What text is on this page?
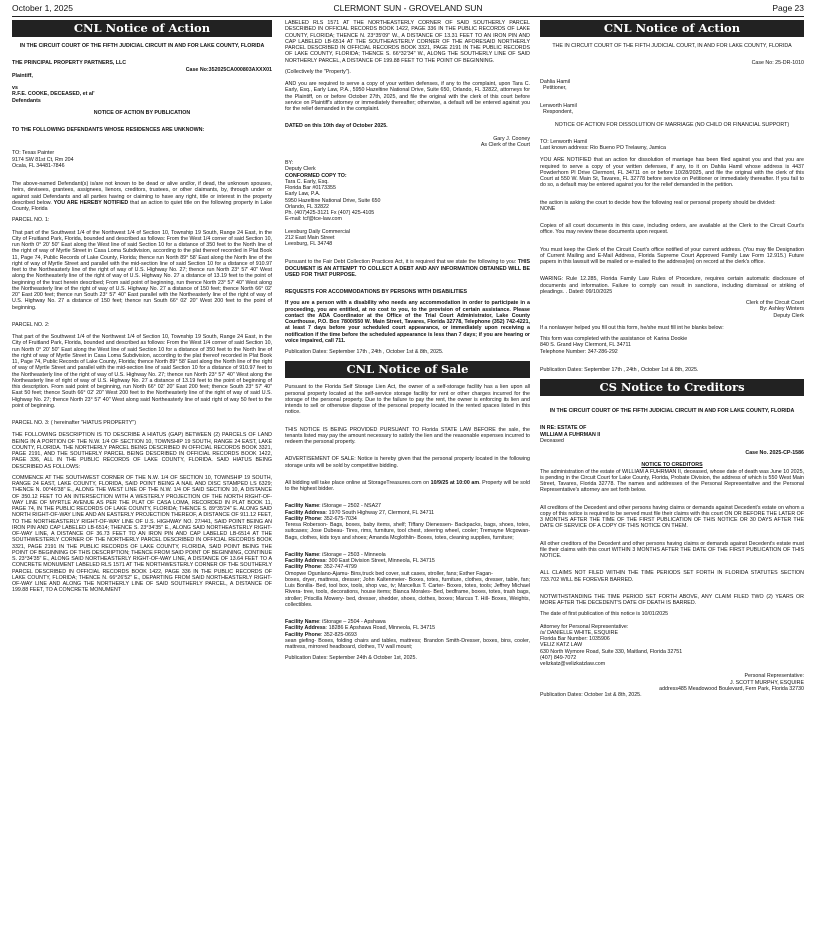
October 1, 2025	CLERMONT SUN - GROVELAND SUN	Page 23
CNL Notice of Action

IN THE CIRCUIT COURT OF THE FIFTH JUDICIAL CIRCUIT IN AND FOR LAKE COUNTY, FLORIDA

THE PRINCIPAL PROPERTY PARTNERS, LLC
Case No:352025CA000803AXXX01
Plaintiff,
vs
R.F.E. COOKE, DECEASED, et al'
Defendants

NOTICE OF ACTION BY PUBLICATION

TO THE FOLLOWING DEFENDANTS WHOSE RESIDENCES ARE UNKNOWN:

TO: Texas Painter
9174 SW 81st Ct, Rm 204
Ocala, FL 34481-7846

The above-named Defendant(s) is/are not known to be dead or alive and/or, if dead, the unknown spouses, heirs, devisees, grantees, assignees, lienors, creditors, trustees, or other claimants, by, through under or against said Defendants and all parties having or claiming to have any right, title or interest in the property described below. YOU ARE HEREBY NOTIFIED that an action to quiet title on the following property in Lake County, Florida

PARCEL NO. 1:

That part of the Southwest 1/4 of the Northwest 1/4 of Section 10, Township 19 South, Range 24 East, in the City of Fruitland Park, Florida, bounded and described as follows: From the West 1/4 corner of said Section 10, run North 0° 20' 50" East along the West line of said Section 10 for a distance of 350 feet to the North line of the right of way of Myrtle Street in Casa Loma Subdivision, according to the plat thereof recorded in Plat Book 11, Page 74, Public Records of Lake County, Florida; thence run North 89° 58' East along the North line of the right of way of Myrtle Street and parallel with the mid-section line of said Section 10 for a distance of 910.97 feet to the Northeasterly line of the right of way of U.S. Highway No. 27; thence run North 23° 57' 40" West along the Northeasterly line of the right of way of U.S. Highway No. 27 a distance of 13.19 feet to the point of beginning of the tract herein described; From said point of beginning, run thence North 23° 57' 40" West along the Northeasterly line of the right of way of U.S. Highway No. 27 a distance of 150 feet; thence North 66° 02' 20" East 200 feet; thence run South 23° 57' 40" East parallel with the Northeasterly line of the right of way of U.S. Highway No. 27 a distance of 150 feet; thence run South 66° 02' 20" West 200 feet to the point of beginning.

PARCEL NO. 2:

That part of the Southwest 1/4 of the Northwest 1/4 of Section 10, Township 19 South, Range 24 East, in the City of Fruitland Park, Florida, bounded and described as follows: From the West 1/4 corner of said Section 10, run North 0° 20' 50" East along the West line of said Section 10 for a distance of 350 feet to the North line of the right of way of Myrtle Street in Casa Loma Subdivision, according to the plat thereof recorded in Plat Book 11, Page 74, Public Records of Lake County, Florida; thence North 89° 58' East along the North line of the right of way of Myrtle Street and parallel with the mid-section line of said Section 10 for a distance of 910.97 feet to the Northeasterly line of the right of way of U.S. Highway No. 27; thence run North 23° 57' 40" West along the Northeasterly line of right of way of U.S. Highway No. 27 a distance of 13.19 feet to the point of beginning of this description. From said point of beginning, run North 66° 02' 20" East 200 feet; thence South 23° 57' 40" East 50 feet; thence South 66° 02' 20" West 200 feet to the Northeasterly line of the right of way of said U.S. Highway No. 27; thence North 23° 57' 40" West along said Northeasterly line of said right of way 50 feet to the point of beginning.

PARCEL NO. 3: ( hereinafter "HIATUS PROPERTY")

THE FOLLOWING DESCRIPTION IS TO DESCRIBE A HIATUS (GAP) BETWEEN (2) PARCELS OF LAND BEING IN A PORTION OF THE N.W. 1/4 OF SECTION 10, TOWNSHIP 19 SOUTH, RANGE 24 EAST, LAKE COUNTY, FLORIDA. THE NORTHERLY PARCEL BEING DESCRIBED IN OFFICIAL RECORDS BOOK 3321, PAGE 2191, AND THE SOUTHERLY PARCEL BEING DESCRIBED IN OFFICIAL RECORDS BOOK 1422, PAGE 336, ALL IN THE PUBLIC RECORDS OF LAKE COUNTY, FLORIDA. SAID HIATUS BEING DESCRIBED AS FOLLOWS:

COMMENCE AT THE SOUTHWEST CORNER OF THE N.W. 1/4 OF SECTION 10, TOWNSHIP 19 SOUTH, RANGE 24 EAST, LAKE COUNTY, FLORIDA, SAID POINT BEING A NAIL AND DISC STAMPED LS 6329; THENCE N. 00°46'38" E., ALONG THE WEST LINE OF THE N.W. 1/4 OF SAID SECTION 10, A DISTANCE OF 350.12 FEET TO AN INTERSECTION WITH A WESTERLY PROJECTION OF THE NORTH RIGHT-OF-WAY LINE OF MYRTLE AVENUE AS PER THE PLAT OF CASA LOMA, RECORDED IN PLAT BOOK 11, PAGE 74, IN THE PUBLIC RECORDS OF LAKE COUNTY, FLORIDA; THENCE S. 89°35'24" E. ALONG SAID NORTH RIGHT-OF-WAY LINE AND AN EASTERLY PROJECTION THEREOF, A DISTANCE OF 911.12 FEET, TO THE NORTHEASTERLY RIGHT-OF-WAY LINE OF U.S. HIGHWAY NO. 27/441, SAID POINT BEING AN IRON PIN AND CAP LABELED LB-6514; THENCE S. 23°34'35" E., ALONG SAID NORTHEASTERLY RIGHT-OF-WAY LINE, A DISTANCE OF 36.73 FEET TO AN IRON PIN AND CAP LABELED LB-6514 AT THE SOUTHWESTERLY CORNER OF THE NORTHERLY PARCEL DESCRIBED IN OFFICIAL RECORDS BOOK 3321, PAGE 2191 IN THE PUBLIC RECORDS OF LAKE COUNTY, FLORIDA, SAID POINT BEING THE POINT OF BEGINNING OF THIS DESCRIPTION; THENCE FROM SAID POINT OF BEGINNING, CONTINUE S. 23°34'35" E., ALONG SAID NORTHEASTERLY RIGHT-OF-WAY LINE, A DISTANCE OF 13.64 FEET TO A CONCRETE MONUMENT LABELED RLS 1571 AT THE NORTHWESTERLY CORNER OF THE SOUTHERLY PARCEL DESCRIBED IN OFFICIAL RECORDS BOOK 1422, PAGE 336 IN THE PUBLIC RECORDS OF LAKE COUNTY, FLORIDA; THENCE N. 66°26'52" E., DEPARTING FROM SAID NORTHEASTERLY RIGHT-OF-WAY LINE AND ALONG THE NORTHERLY LINE OF SAID SOUTHERLY PARCEL, A DISTANCE OF 199.88 FEET, TO A CONCRETE MONUMENT

LABELED RLS 1571 AT THE NORTHEASTERLY CORNER OF SAID SOUTHERLY PARCEL DESCRIBED IN OFFICIAL RECORDS BOOK 1422, PAGE 336 IN THE PUBLIC RECORDS OF LAKE COUNTY, FLORIDA; THENCE N. 23°35'09" W., A DISTANCE OF 13.31 FEET TO AN IRON PIN AND CAP LABELED LB-6514 AT THE SOUTHEASTERLY CORNER OF THE AFORESAID NORTHERLY PARCEL DESCRIBED IN OFFICIAL RECORDS BOOK 3321, PAGE 2191 IN THE PUBLIC RECORDS OF LAKE COUNTY, FLORIDA; THENCE S. 66°32'34" W., ALONG THE SOUTHERLY LINE OF SAID NORTHERLY PARCEL, A DISTANCE OF 199.88 FEET TO THE POINT OF BEGINNING.

(Collectively the "Property").

AND you are required to serve a copy of your written defenses, if any to the complaint, upon Tara C. Early, Esq., Early Law, P.A., 5950 Hazeltine National Drive, Suite 650, Orlando, FL 32822, attorneys for the Plaintiff, on or before October 27th, 2025, and file the original with the clerk of this court before service on Plaintiff's attorney or immediately thereafter; otherwise, a default will be entered against you for the relief demanded in the complaint.

DATED on this 10th day of October 2025.
Gary J. Cooney
As Clerk of the Court
BY:
Deputy Clerk
CONFORMED COPY TO:
Tara C. Early, Esq.
Florida Bar #0173355
Early Law, P.A.
5950 Hazeltine National Drive, Suite 650
Orlando, FL 32822
Ph. (407)425-3121 Fx (407) 425-4105
E-mail: tcf@tce-law.com
Leesburg Daily Commercial
212 East Main Street
Leesburg, FL 34748

Pursuant to the Fair Debt Collection Practices Act, it is required that we state the following to you: THIS DOCUMENT IS AN ATTEMPT TO COLLECT A DEBT AND ANY INFORMATION OBTAINED WILL BE USED FOR THAT PURPOSE.

REQUESTS FOR ACCOMMODATIONS BY PERSONS WITH DISABILITIES

If you are a person with a disability who needs any accommodation in order to participate in a proceeding, you are entitled, at no cost to you, to the provision of certain assistance. Please contact the ADA Coordinator at the Office of the Trial Court Administrator, Lake County Courthouse, P.O. Box 7800/550 W. Main Street, Tavares, Florida 32778, Telephone (352) 742-4221, at least 7 days before your scheduled court appearance, or immediately upon receiving a notification if the time before the scheduled appearance is less than 7 days; if you are hearing or voice impaired, call 711.

Publication Dates: September 17th , 24th , October 1st & 8th, 2025.
CNL Notice of Sale

Pursuant to the Florida Self Storage Lien Act, the owner of a self-storage facility has a lien upon all personal property located at the self-service storage facility for rent or other charges incurred for the storage of the personal property. Due to the failure to pay the rent, the owner is enforcing its lien and intends to sell or otherwise dispose of the personal property located in the rented spaces listed in this notice.

THIS NOTICE IS BEING PROVIDED PURSUANT TO Florida STATE LAW BEFORE the sale, the tenants listed may pay the amount necessary to satisfy the lien and the reasonable expenses incurred to redeem the personal property.

ADVERTISEMENT OF SALE: Notice is hereby given that the personal property located in the following storage units will be sold by competitive bidding.

All bidding will take place online at StorageTreasures.com on 10/9/25 at 10:00 am. Property will be sold to the highest bidder.

Facility Name: iStorage – 2502 - NSA27
Facility Address: 1970 South Highway 27, Clermont, FL 34711
Facility Phone: 352-675-7034

Teresa Roberson- Bags, boxes, baby items, shelf; Tiffany Dienessen- Backpacks, bags, shoes, totes, suitcases; Jose Dubeau- Tires, rims, furniture, tool chest, steering wheel, cooler; Tremayne Mcgowan- Bags, clothes, kids toys and shoes; Amanda Mcglothlin- Boxes, totes, cleaning supplies, furniture;

Facility Name: iStorage – 2503 - Minneola
Facility Address: 300 East Division Street, Minneola, FL 34715
Facility Phone: 352-747-4799
Omopwe Ogunlano-Ajamu- Bins,truck bed cover, suit cases, stroller, fans; Esther Fagan-

boxes, dryer, mattress, dresser; John Kaltenmeier- Boxes, totes, furniture, clothes, dresser, table, fan; Luis Bonilla- Bed, tool box, tools, shop vac, tv; Marcellus T. Carter- Boxes, totes, tools; Jeffrey Michael Rivera- tree, tools, decorations, house items; Bianca Morales- Bed, bedframe, boxes, totes, trash bags, stroller; Priscilla Mowery- bed, dresser, shedder, shoes, clothes, boxes; Marcus T. Hill- Boxes, Weights, collectibles.

Facility Name: iStorage – 2504 - Apshawa
Facility Address: 18286 E Apshawa Road, Minneola, FL 34715
Facility Phone: 352-825-0693

sean giefing- Boxes, folding chairs and tables, mattress; Brandon Smith-Dresser, boxes, bins, cooler, mattress, mirrored headboard, clothes, TV wall mount;

Publication Dates: September 24th & October 1st, 2025.
CNL Notice of Action

THE IN CIRCUIT COURT OF THE FIFTH JUDICIAL COURT, IN AND FOR LAKE COUNTY, FLORIDA

Case No: 25-DR-1010
Dahlia Hamil
Petitioner,
Lenworth Hamil
Respondent,

NOTICE OF ACTION FOR DISSOLUTION OF MARRIAGE (NO CHILD OR FINANCIAL SUPPORT)

TO: Lenworth Hamil
Last known address: Rio Bueno PO Trelawny, Jamica

YOU ARE NOTIFIED that an action for dissolution of marriage has been filed against you and that you are required to serve a copy of your written defenses, if any, to it on Dahlia Hamil whose address is 4437 Powderhorn Pl Drive Clermont, FL 34711 on or before 10/28/2025, and file the original with the clerk of this Court at 550 W. Main St, Tavares, FL 32778 before service on Petitioner or immediately thereafter. If you fail to do so, a default may be entered against you for the relief demanded in the petition.

the action is asking the court to decide how the following real or personal property should be divided:

NONE

Copies of all court documents in this case, including orders, are available at the Clerk to the Circuit Court's office. You may review these documents upon request.

You must keep the Clerk of the Circuit Court's office notified of your current address. (You may file Designation of Current Mailing and E-Mail Address, Florida Supreme Court Approved Family Law Form 12.915.) Future papers in this lawsuit will be mailed or e-mailed to the address(es) on record at the clerk's office.

WARING: Rule 12.285, Florida Family Law Rules of Procedure, requires certain automatic disclosure of documents and information. Failure to comply can result in sanctions, including dismissal or striking of pleadings. . Dated: 09/10/2025

Clerk of the Circuit Court
By: Ashley Winters
Deputy Clerk

If a nonlawyer helped you fill out this form, he/she must fill int he blanks below:

This form was completed with the assistance of: Karina Dookie
840 S. Grand Hwy Clermont, FL 34711
Telephone Number: 347-286-292
Publication Dates: September 17th , 24th , October 1st & 8th, 2025.
CS Notice to Creditors

IN THE CIRCUIT COURT OF THE FIFTH JUDICIAL CIRCUIT IN AND FOR LAKE COUNTY, FLORIDA

IN RE: ESTATE OF
WILLIAM A FUHRMAN II
Deceased
Case No. 2025-CP-1586
NOTICE TO CREDITORS

The administration of the estate of WILLIAM A FUHRMAN II, deceased, whose date of death was June 10 2025, is pending in the Circuit Court for Lake County, Florida, Probate Division, the address of which is 550 West Main Street, Tavares, Florida 32778. The names and addresses of the Personal Representative and the Personal Representative's attorney are set forth below.

All creditors of the Decedent and other persons having claims or demands against Decedent's estate on whom a copy of this notice is required to be served must file their claims with this court ON OR BEFORE THE LATER OF 3 MONTHS AFTER THE TIME OF THE FIRST PUBLICATION OF THIS NOTICE OR 30 DAYS AFTER THE DATE OF SERVICE OF A COPY OF THIS NOTICE ON THEM.

All other creditors of the Decedent and other persons having claims or demands against Decedent's estate must file their claims with this court WITHIN 3 MONTHS AFTER THE DATE OF THE FIRST PUBLICATION OF THIS NOTICE.

ALL CLAIMS NOT FILED WITHIN THE TIME PERIODS SET FORTH IN FLORIDA STATUTES SECTION 733.702 WILL BE FOREVER BARRED.

NOTWITHSTANDING THE TIME PERIOD SET FORTH ABOVE, ANY CLAIM FILED TWO (2) YEARS OR MORE AFTER THE DECEDENT'S DATE OF DEATH IS BARRED.

The date of first publication of this notice is 10/01/2025
Attorney for Personal Representative:
/s/ DANIELLE WHITE, ESQUIRE
Florida Bar Number: 1035906
VELIZ KATZ LAW
630 North Wymore Road, Suite 330, Maitland, Florida 32751
(407) 849-7072
velizkatz@velizkatzlaw.com
Personal Representative:
J. SCOTT MURPHY, ESQUIRE
address485 Meadowood Boulevard, Fern Park, Florida 32730
Publication Dates: October 1st & 8th, 2025.
